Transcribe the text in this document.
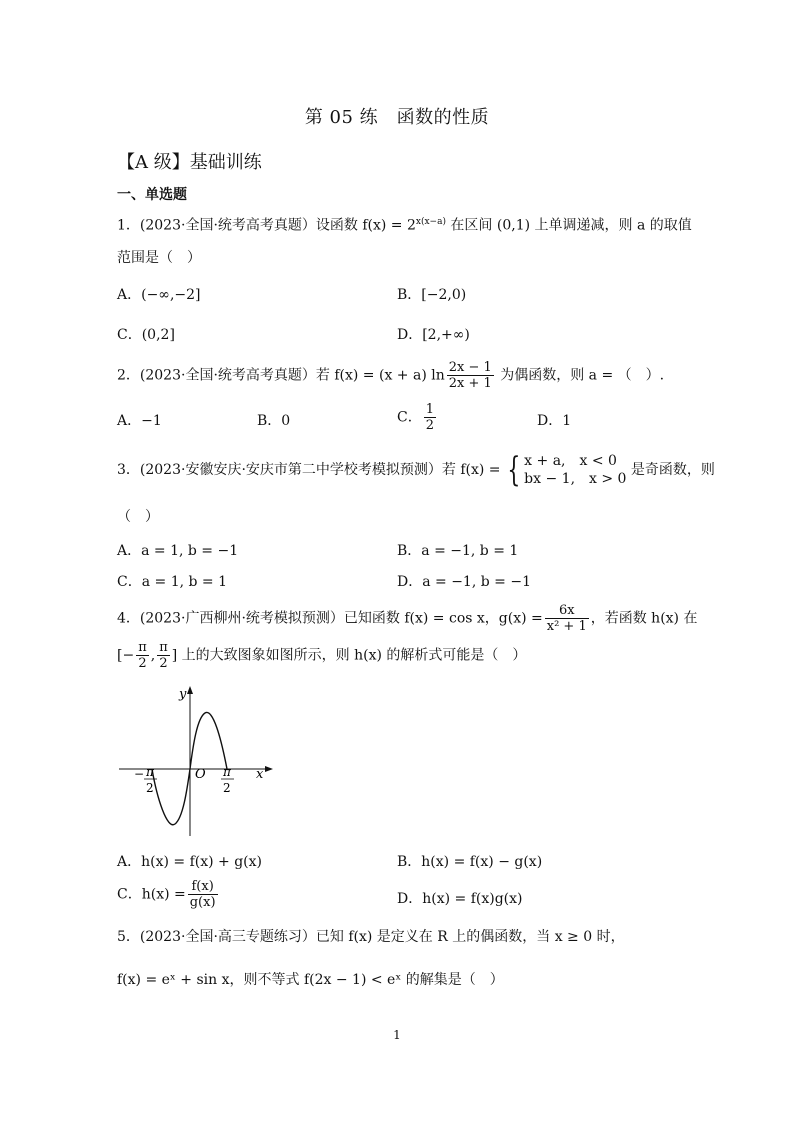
第 05 练　函数的性质
【A 级】基础训练
一、单选题
1．(2023·全国·统考高考真题）设函数 $f(x) = 2^{x(x-a)}$ 在区间 (0,1) 上单调递减，则 a 的取值
范围是（　）
A．(−∞,−2]	B．[−2,0)
C．(0,2]	D．[2,+∞)
2．(2023·全国·统考高考真题）若 f(x) = (x + a) $\ln \frac{2x - 1}{2x + 1}$ 为偶函数，则 a = （　）.
A．−1	B．0	C． $\frac{1}{2}$	D．1
3．(2023·安徽安庆·安庆市第二中学校考模拟预测）若 f(x) = { x + a,　x < 0
bx − 1,　x > 0
是奇函数，则
（　）
A．a = 1, b = −1	B．a = −1, b = 1
C．a = 1, b = 1	D．a = −1, b = −1
4．(2023·广西柳州·统考模拟预测）已知函数 f(x) = cos x，$g(x) = \frac{6x}{\text{x² + 1}}$ ，若函数 h(x) 在
[− $\frac{\pi}{2}$ , $\frac{\pi}{2}$ ] 上的大致图象如图所示，则 h(x) 的解析式可能是（　）
y
x
O
− π
2
π
2
A．h(x) = f(x) + g(x)	B．h(x) = f(x) − g(x)
C．$h(x) = \frac{f(x)}{g(x)}$	D．h(x) = f(x)g(x)
5．(2023·全国·高三专题练习）已知 f(x) 是定义在 R 上的偶函数，当 x ≥ 0 时，
f(x) = eˣ + sin x，则不等式 f(2x − 1) < eˣ 的解集是（　）
1
